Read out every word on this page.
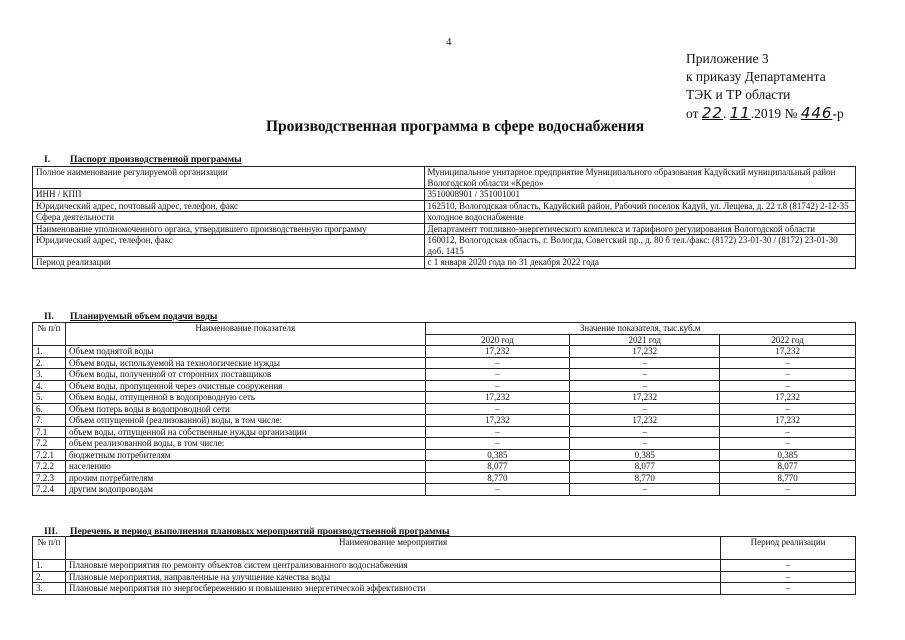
4
Приложение 3
к приказу Департамента
ТЭК и ТР области
от 22. 11.2019 № 446-р
Производственная программа в сфере водоснабжения
I. Паспорт производственной программы
Полное наименование регулируемой организации	Муниципальное унитарное предприятие Муниципального образования Кадуйский муниципальный район Вологодской области «Кредо»
ИНН / КПП	3510008901 / 351001001
Юридический адрес, почтовый адрес, телефон, факс	162510, Вологодская область, Кадуйский район, Рабочий поселок Кадуй, ул. Лещева, д. 22 т.8 (81742) 2-12-35
Сфера деятельности	холодное водоснабжение
Наименование уполномоченного органа, утвердившего производственную программу	Департамент топливно-энергетического комплекса и тарифного регулирования Вологодской области
Юридический адрес, телефон, факс	160012, Вологодская область, г. Вологда, Советский пр., д. 80 б тел./факс: (8172) 23-01-30 / (8172) 23-01-30 доб. 1415
Период реализации	с 1 января 2020 года по 31 декабря 2022 года
II. Планируемый объем подачи воды
№ п/п	Наименование показателя	Значение показателя, тыс.куб.м		
		2020 год	2021 год	2022 год
1.	Объем поднятой воды	17,232	17,232	17,232
2.	Объем воды, используемой на технологические нужды	–	–	–
3.	Объем воды, полученной от сторонних поставщиков	–	–	–
4.	Объем воды, пропущенной через очистные сооружения	–	–	–
5.	Объем воды, отпущенной в водопроводную сеть	17,232	17,232	17,232
6.	Объем потерь воды в водопроводной сети	–	–	–
7.	Объем отпущенной (реализованной) воды, в том числе:	17,232	17,232	17,232
7.1	объем воды, отпущенной на собственные нужды организации	–	–	–
7.2	объем реализованной воды, в том числе:	–	–	–
7.2.1	бюджетным потребителям	0,385	0,385	0,385
7.2.2	населению	8,077	8,077	8,077
7.2.3	прочим потребителям	8,770	8,770	8,770
7.2.4	другим водопроводам	–	–	–
III. Перечень и период выполнения плановых мероприятий производственной программы
№ п/п	Наименование мероприятия	Период реализации
1.	Плановые мероприятия по ремонту объектов систем централизованного водоснабжения	–
2.	Плановые мероприятия, направленные на улучшение качества воды	–
3.	Плановые мероприятия по энергосбережению и повышению энергетической эффективности	–
